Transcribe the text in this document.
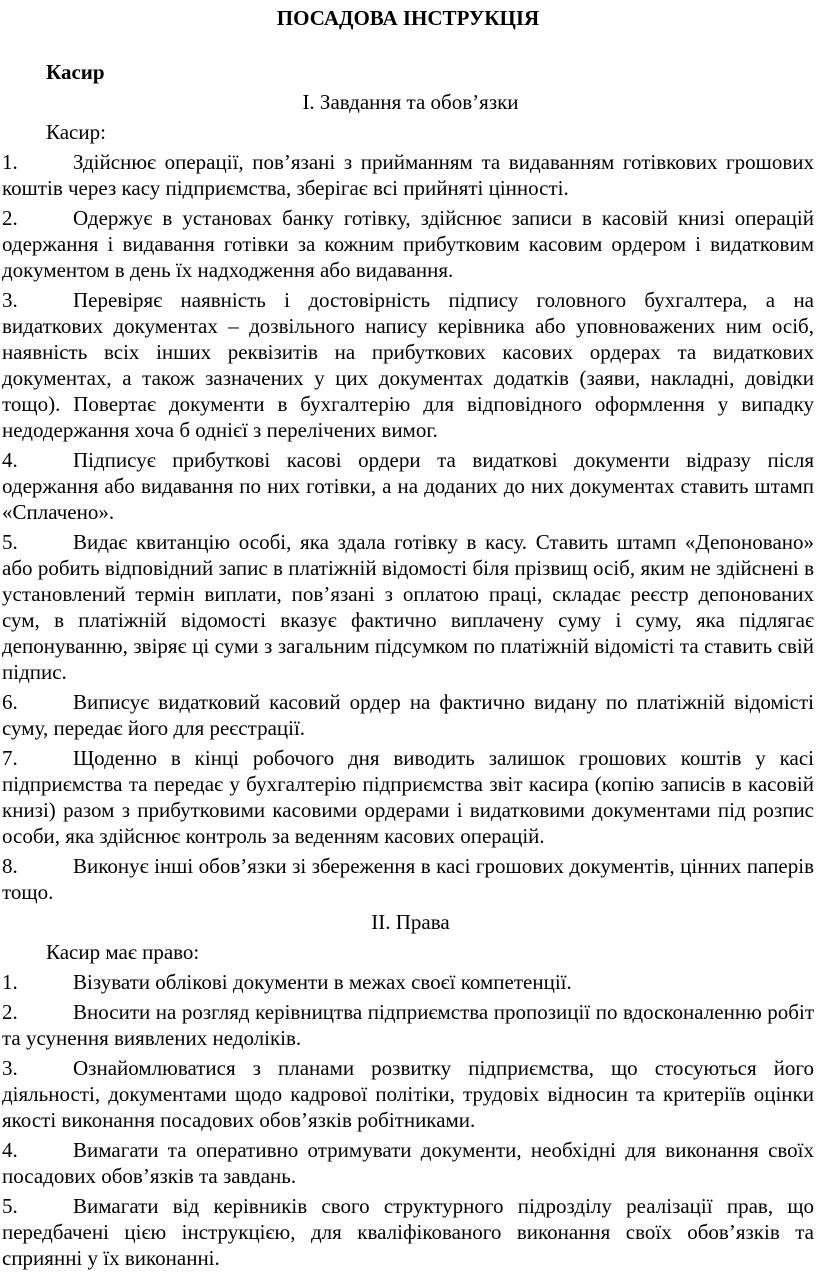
ПОСАДОВА ІНСТРУКЦІЯ
Касир
І. Завдання та обов’язки
Касир:
1.	Здійснює операції, пов’язані з прийманням та видаванням готівкових грошових коштів через касу підприємства, зберігає всі прийняті цінності.
2.	Одержує в установах банку готівку, здійснює записи в касовій книзі операцій одержання і видавання готівки за кожним прибутковим касовим ордером і видатковим документом в день їх надходження або видавання.
3.	Перевіряє наявність і достовірність підпису головного бухгалтера, а на видаткових документах – дозвільного напису керівника або уповноважених ним осіб, наявність всіх інших реквізитів на прибуткових касових ордерах та видаткових документах, а також зазначених у цих документах додатків (заяви, накладні, довідки тощо). Повертає документи в бухгалтерію для відповідного оформлення у випадку недодержання хоча б однієї з перелічених вимог.
4.	Підписує прибуткові касові ордери та видаткові документи відразу після одержання або видавання по них готівки, а на доданих до них документах ставить штамп «Сплачено».
5.	Видає квитанцію особі, яка здала готівку в касу. Ставить штамп «Депоновано» або робить відповідний запис в платіжній відомості біля прізвищ осіб, яким не здійснені в установлений термін виплати, пов’язані з оплатою праці, складає реєстр депонованих сум, в платіжній відомості вказує фактично виплачену суму і суму, яка підлягає депонуванню, звіряє ці суми з загальним підсумком по платіжній відомісті та ставить свій підпис.
6.	Виписує видатковий касовий ордер на фактично видану по платіжній відомісті суму, передає його для реєстрації.
7.	Щоденно в кінці робочого дня виводить залишок грошових коштів у касі підприємства та передає у бухгалтерію підприємства звіт касира (копію записів в касовій книзі) разом з прибутковими касовими ордерами і видатковими документами під розпис особи, яка здійснює контроль за веденням касових операцій.
8.	Виконує інші обов’язки зі збереження в касі грошових документів, цінних паперів тощо.
ІІ. Права
Касир має право:
1.	Візувати облікові документи в межах своєї компетенції.
2.	Вносити на розгляд керівництва підприємства пропозиції по вдосконаленню робіт та усунення виявлених недоліків.
3.	Ознайомлюватися з планами розвитку підприємства, що стосуються його діяльності, документами щодо кадрової політіки, трудовіх відносин та критеріїв оцінки якості виконання посадових обов’язків робітниками.
4.	Вимагати та оперативно отримувати документи, необхідні для виконання своїх посадових обов’язків та завдань.
5.	Вимагати від керівників свого структурного підрозділу реалізації прав, що передбачені цією інструкцією, для кваліфікованого виконання своїх обов’язків та сприянні у їх виконанні.
